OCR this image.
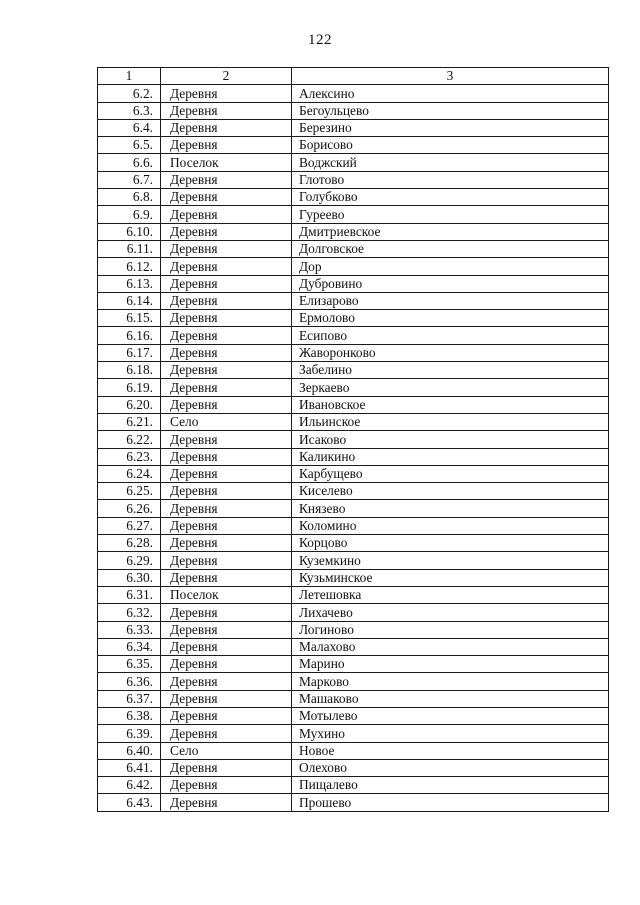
122
1	2	3
6.2.	Деревня	Алексино
6.3.	Деревня	Бегоульцево
6.4.	Деревня	Березино
6.5.	Деревня	Борисово
6.6.	Поселок	Воджский
6.7.	Деревня	Глотово
6.8.	Деревня	Голубково
6.9.	Деревня	Гуреево
6.10.	Деревня	Дмитриевское
6.11.	Деревня	Долговское
6.12.	Деревня	Дор
6.13.	Деревня	Дубровино
6.14.	Деревня	Елизарово
6.15.	Деревня	Ермолово
6.16.	Деревня	Есипово
6.17.	Деревня	Жаворонково
6.18.	Деревня	Забелино
6.19.	Деревня	Зеркаево
6.20.	Деревня	Ивановское
6.21.	Село	Ильинское
6.22.	Деревня	Исаково
6.23.	Деревня	Каликино
6.24.	Деревня	Карбущево
6.25.	Деревня	Киселево
6.26.	Деревня	Князево
6.27.	Деревня	Коломино
6.28.	Деревня	Корцово
6.29.	Деревня	Куземкино
6.30.	Деревня	Кузьминское
6.31.	Поселок	Летешовка
6.32.	Деревня	Лихачево
6.33.	Деревня	Логиново
6.34.	Деревня	Малахово
6.35.	Деревня	Марино
6.36.	Деревня	Марково
6.37.	Деревня	Машаково
6.38.	Деревня	Мотылево
6.39.	Деревня	Мухино
6.40.	Село	Новое
6.41.	Деревня	Олехово
6.42.	Деревня	Пищалево
6.43.	Деревня	Прошево
